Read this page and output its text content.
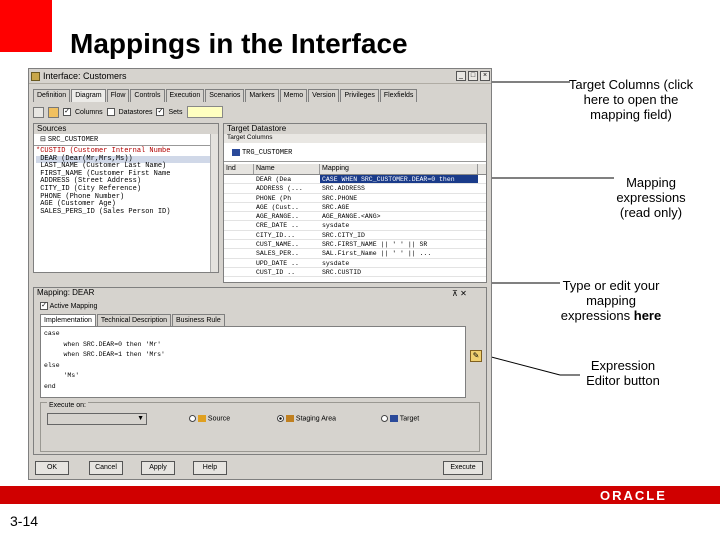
Mappings in the Interface
Target Columns (click here to open the mapping field)
Mapping expressions (read only)
Type or edit your mapping expressions here
Expression Editor button
Interface: Customers	_	□	×
Definition	Diagram	Flow	Controls	Execution	Scenarios	Markers	Memo	Version	Privileges	Flexfields
✓ Columns Datastores ✓ Sets
Sources
⊟ SRC_CUSTOMER
*CUSTID (Customer Internal Numbe
DEAR (Dear(Mr,Mrs,Ms))
LAST_NAME (Customer Last Name)
FIRST_NAME (Customer First Name
ADDRESS (Street Address)
CITY_ID (City Reference)
PHONE (Phone Number)
AGE (Customer Age)
SALES_PERS_ID (Sales Person ID)
Target Datastore
Target Columns
TRG_CUSTOMER
Ind	Name	Mapping
DEAR (Dea	CASE WHEN SRC_CUSTOMER.DEAR=0 then
ADDRESS (...	SRC.ADDRESS
PHONE (Ph	SRC.PHONE
AGE (Cust..	SRC.AGE
AGE_RANGE..	AGE_RANGE.<ANG>
CRE_DATE ..	sysdate
CITY_ID...	SRC.CITY_ID
CUST_NAME..	SRC.FIRST_NAME || ' ' || SR
SALES_PER..	SAL.First_Name || ' ' || ...
UPD_DATE ..	sysdate
CUST_ID ..	SRC.CUSTID
Mapping: DEAR	⊼ ✕
✓ Active Mapping
Implementation	Technical Description	Business Rule
case
when SRC.DEAR=0 then 'Mr'
when SRC.DEAR=1 then 'Mrs'
else
'Ms'
end
✎
Execute on:
▼	Source	Staging Area	Target
OK	Cancel	Apply	Help	Execute
ORACLE
3-14
